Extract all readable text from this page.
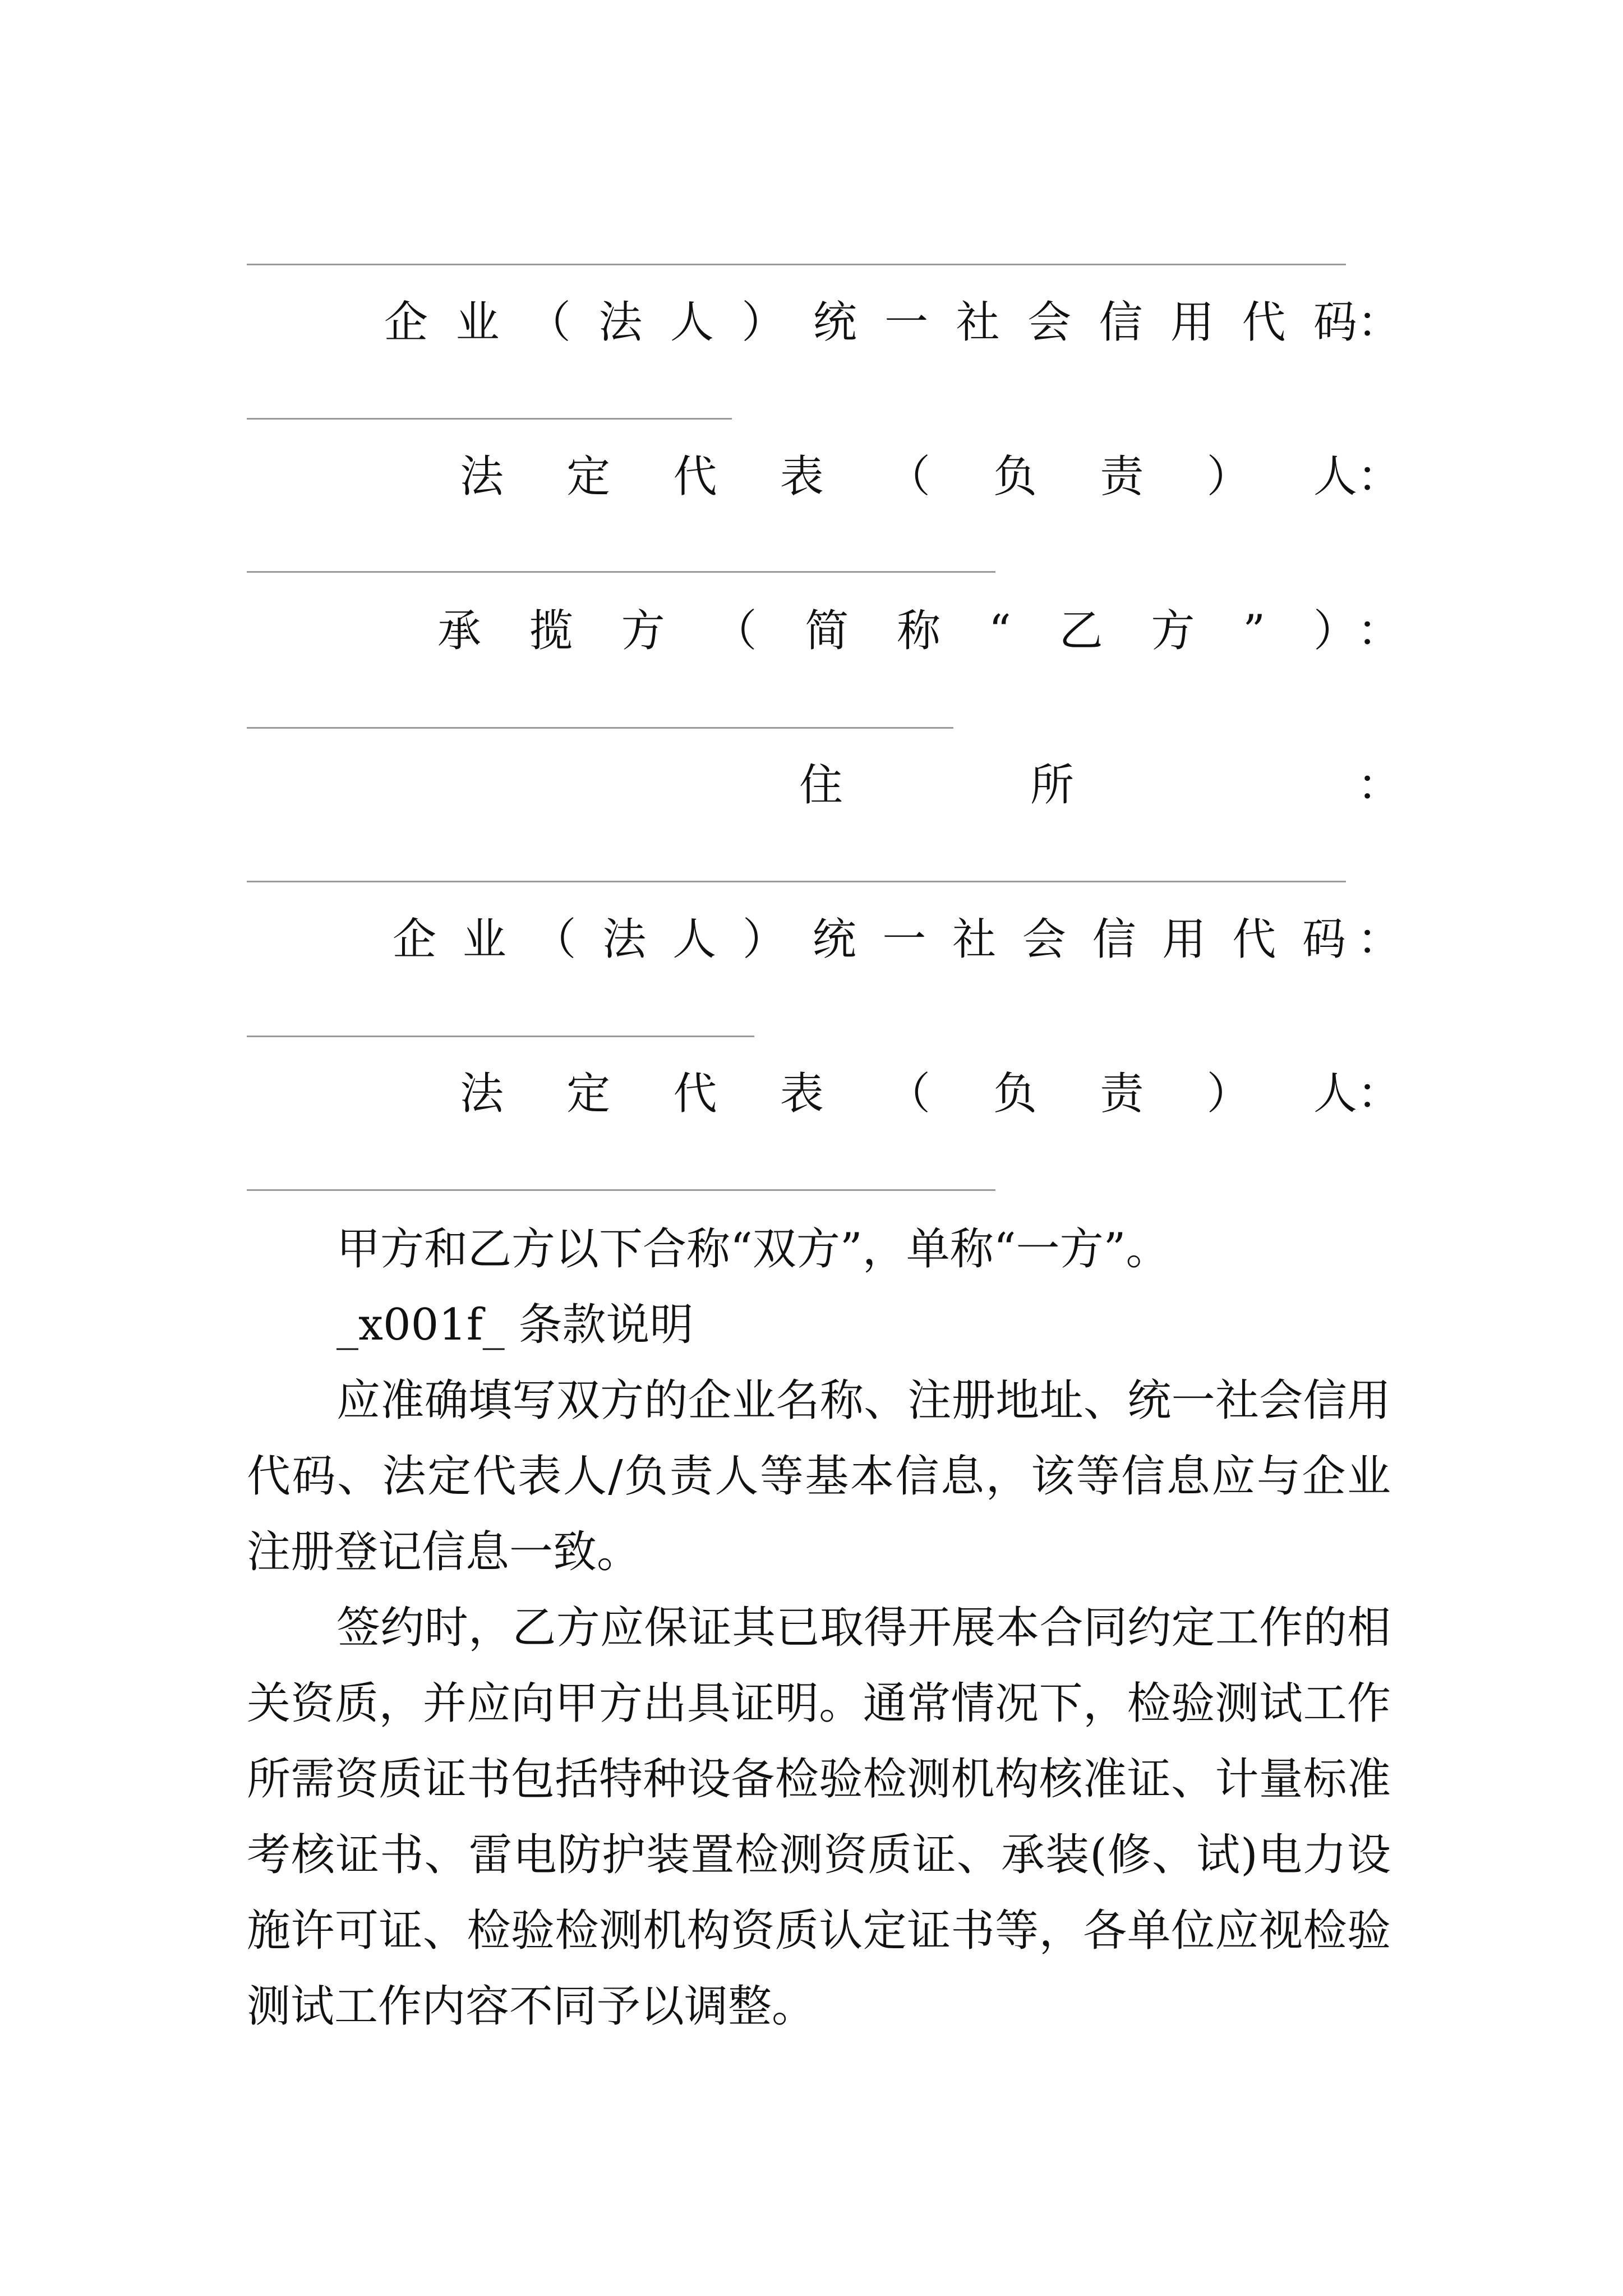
企 业 （ 法 人 ） 统 一 社 会 信 用 代 码 ：
法 定 代 表 （ 负 责 ） 人 ：
承 揽 方 （ 简 称 “ 乙 方 ” ） ：
住	所	：
企 业 （ 法 人 ） 统 一 社 会 信 用 代 码 ：
法 定 代 表 （ 负 责 ） 人 ：

甲方和乙方以下合称“双方”，单称“一方”。

_x001f_ 条款说明

应准确填写双方的企业名称、注册地址、统一社会信用代码、法定代表人/负责人等基本信息，该等信息应与企业注册登记信息一致。

签约时，乙方应保证其已取得开展本合同约定工作的相关资质，并应向甲方出具证明。通常情况下，检验测试工作所需资质证书包括特种设备检验检测机构核准证、计量标准考核证书、雷电防护装置检测资质证、承装(修、试)电力设施许可证、检验检测机构资质认定证书等，各单位应视检验测试工作内容不同予以调整。
